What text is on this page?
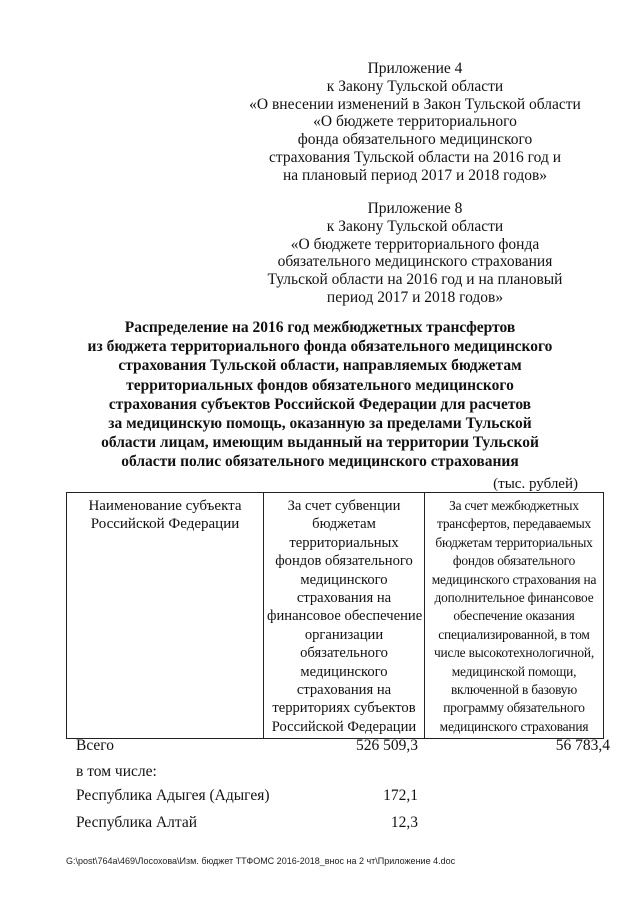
Приложение 4
к Закону Тульской области
«О внесении изменений в Закон Тульской области
«О бюджете территориального
фонда обязательного медицинского
страхования Тульской области на 2016 год и
на плановый период 2017 и 2018 годов»
Приложение 8
к Закону Тульской области
«О бюджете территориального фонда
обязательного медицинского страхования
Тульской области на 2016 год и на плановый
период 2017 и 2018 годов»
Распределение на 2016 год межбюджетных трансфертов
из бюджета территориального фонда обязательного медицинского
страхования Тульской области, направляемых бюджетам
территориальных фондов обязательного медицинского
страхования субъектов Российской Федерации для расчетов
за медицинскую помощь, оказанную за пределами Тульской
области лицам, имеющим выданный на территории Тульской
области полис обязательного медицинского страхования
(тыс. рублей)
Наименование субъекта
Российской Федерации

За счет субвенции
бюджетам
территориальных
фондов обязательного
медицинского
страхования на
финансовое обеспечение
организации
обязательного
медицинского
страхования на
территориях субъектов
Российской Федерации

За счет межбюджетных
трансфертов, передаваемых
бюджетам территориальных
фондов обязательного
медицинского страхования на
дополнительное финансовое
обеспечение оказания
специализированной, в том
числе высокотехнологичной,
медицинской помощи,
включенной в базовую
программу обязательного
медицинского страхования
Всего	526 509,3	56 783,4
в том числе:
Республика Адыгея (Адыгея)	172,1
Республика Алтай	12,3
G:\post\764a\469\Лосохова\Изм. бюджет ТТФОМС 2016-2018_внос на 2 чт\Приложение 4.doc
